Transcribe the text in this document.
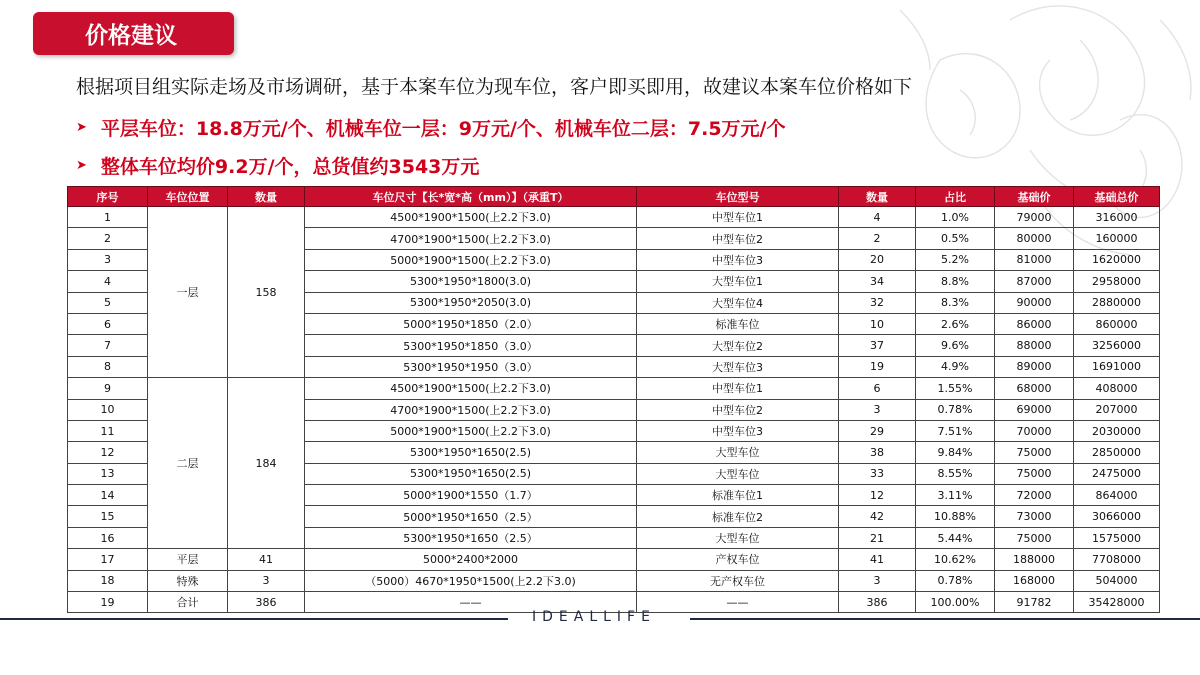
价格建议
根据项目组实际走场及市场调研，基于本案车位为现车位，客户即买即用，故建议本案车位价格如下
➤ 平层车位：18.8万元/个、机械车位一层：9万元/个、机械车位二层：7.5万元/个
➤ 整体车位均价9.2万/个，总货值约3543万元
序号	车位位置	数量	车位尺寸【长*宽*高（mm）】（承重T）	车位型号	数量	占比	基础价	基础总价
1	一层	158	4500*1900*1500(上2.2下3.0)	中型车位1	4	1.0%	79000	316000
2			4700*1900*1500(上2.2下3.0)	中型车位2	2	0.5%	80000	160000
3			5000*1900*1500(上2.2下3.0)	中型车位3	20	5.2%	81000	1620000
4			5300*1950*1800(3.0)	大型车位1	34	8.8%	87000	2958000
5			5300*1950*2050(3.0)	大型车位4	32	8.3%	90000	2880000
6			5000*1950*1850（2.0）	标准车位	10	2.6%	86000	860000
7			5300*1950*1850（3.0）	大型车位2	37	9.6%	88000	3256000
8			5300*1950*1950（3.0）	大型车位3	19	4.9%	89000	1691000
9	二层	184	4500*1900*1500(上2.2下3.0)	中型车位1	6	1.55%	68000	408000
10			4700*1900*1500(上2.2下3.0)	中型车位2	3	0.78%	69000	207000
11			5000*1900*1500(上2.2下3.0)	中型车位3	29	7.51%	70000	2030000
12			5300*1950*1650(2.5)	大型车位	38	9.84%	75000	2850000
13			5300*1950*1650(2.5)	大型车位	33	8.55%	75000	2475000
14			5000*1900*1550（1.7）	标准车位1	12	3.11%	72000	864000
15			5000*1950*1650（2.5）	标准车位2	42	10.88%	73000	3066000
16			5300*1950*1650（2.5）	大型车位	21	5.44%	75000	1575000
17	平层	41	5000*2400*2000	产权车位	41	10.62%	188000	7708000
18	特殊	3	（5000）4670*1950*1500(上2.2下3.0)	无产权车位	3	0.78%	168000	504000
19	合计	386	——	——	386	100.00%	91782	35428000
IDEALLIFE
